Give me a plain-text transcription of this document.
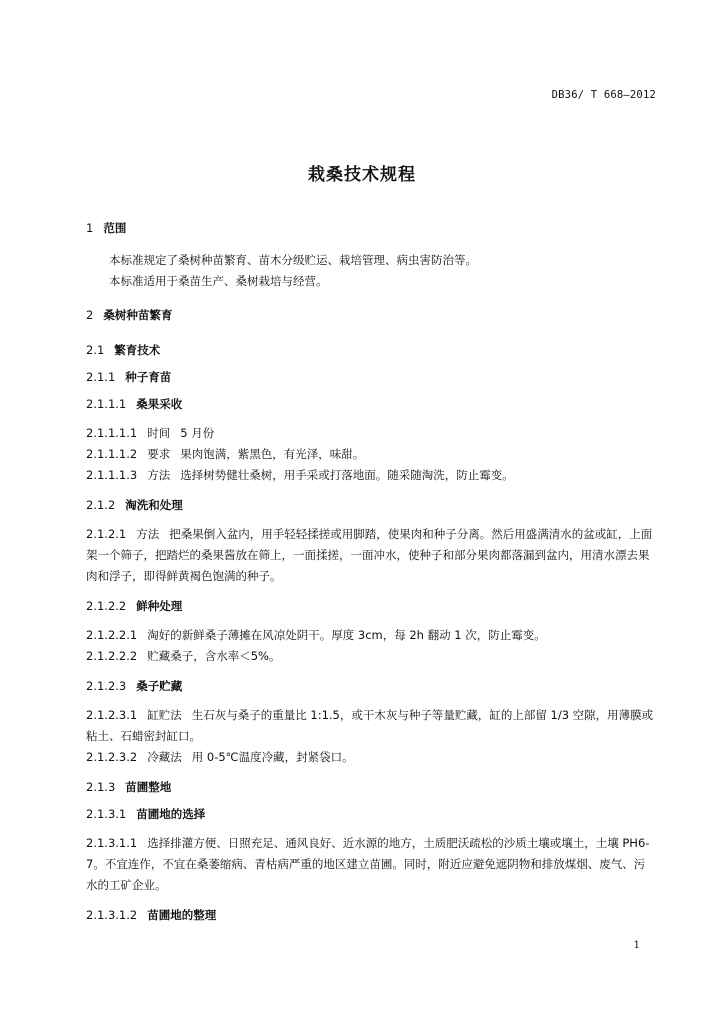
DB36/ T 668—2012
栽桑技术规程
1 范围
本标准规定了桑树种苗繁育、苗木分级贮运、栽培管理、病虫害防治等。
本标准适用于桑苗生产、桑树栽培与经营。
2 桑树种苗繁育
2.1 繁育技术
2.1.1 种子育苗
2.1.1.1 桑果采收
2.1.1.1.1 时间 5 月份
2.1.1.1.2 要求 果肉饱满，紫黑色，有光泽，味甜。
2.1.1.1.3 方法 选择树势健壮桑树，用手采或打落地面。随采随淘洗，防止霉变。
2.1.2 淘洗和处理
2.1.2.1 方法 把桑果倒入盆内，用手轻轻揉搓或用脚踏，使果肉和种子分离。然后用盛满清水的盆或缸，上面架一个筛子，把踏烂的桑果酱放在筛上，一面揉搓，一面冲水，使种子和部分果肉都落漏到盆内，用清水漂去果肉和浮子，即得鲜黄褐色饱满的种子。
2.1.2.2 鲜种处理
2.1.2.2.1 淘好的新鲜桑子薄摊在风凉处阴干。厚度 3cm，每 2h 翻动 1 次，防止霉变。
2.1.2.2.2 贮藏桑子，含水率＜5%。
2.1.2.3 桑子贮藏
2.1.2.3.1 缸贮法 生石灰与桑子的重量比 1:1.5，或干木灰与种子等量贮藏，缸的上部留 1/3 空隙，用薄膜或粘土、石蜡密封缸口。
2.1.2.3.2 冷藏法 用 0-5℃温度冷藏，封紧袋口。
2.1.3 苗圃整地
2.1.3.1 苗圃地的选择
2.1.3.1.1 选择排灌方便、日照充足、通风良好、近水源的地方，土质肥沃疏松的沙质土壤或壤土，土壤 PH6-7。不宜连作，不宜在桑萎缩病、青枯病严重的地区建立苗圃。同时，附近应避免遮阴物和排放煤烟、废气、污水的工矿企业。
2.1.3.1.2 苗圃地的整理
1
